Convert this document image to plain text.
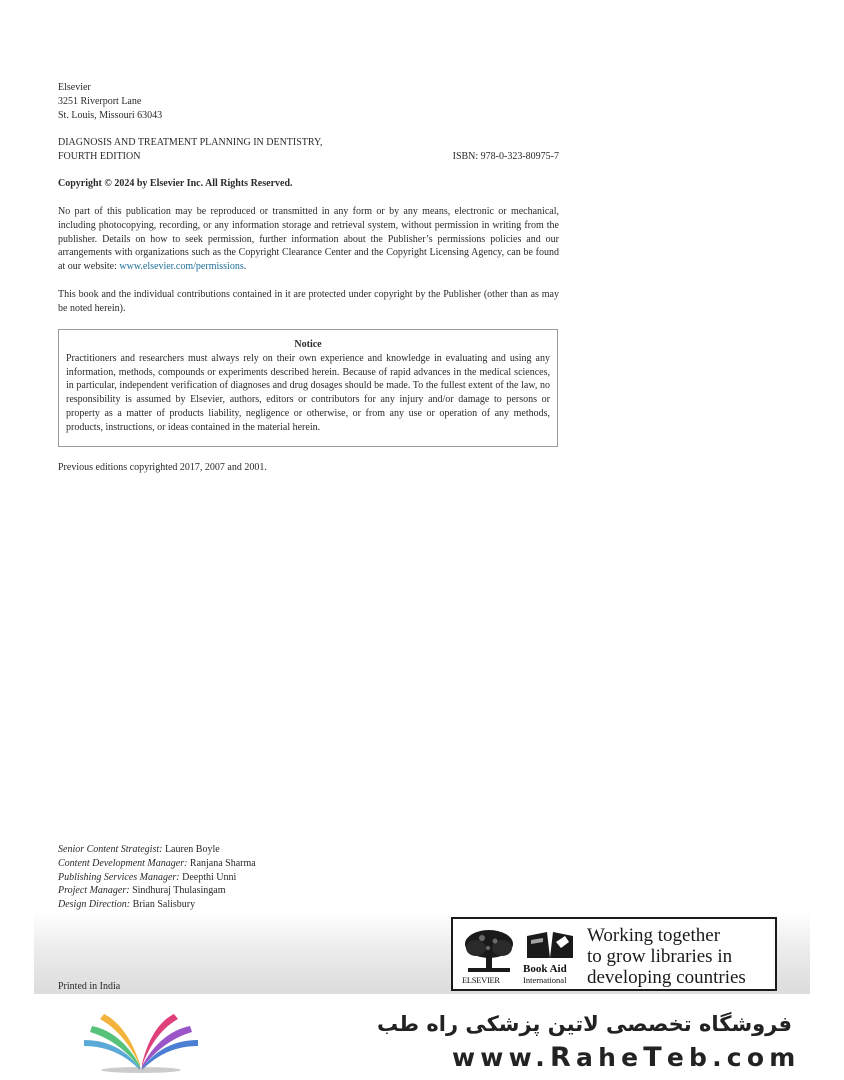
Elsevier
3251 Riverport Lane
St. Louis, Missouri 63043
DIAGNOSIS AND TREATMENT PLANNING IN DENTISTRY,
FOURTH EDITION	ISBN: 978-0-323-80975-7
Copyright © 2024 by Elsevier Inc. All Rights Reserved.
No part of this publication may be reproduced or transmitted in any form or by any means, electronic or mechanical, including photocopying, recording, or any information storage and retrieval system, without permission in writing from the publisher. Details on how to seek permission, further information about the Publisher’s permissions policies and our arrangements with organizations such as the Copyright Clearance Center and the Copyright Licensing Agency, can be found at our website: www.elsevier.com/permissions.
This book and the individual contributions contained in it are protected under copyright by the Publisher (other than as may be noted herein).
Notice
Practitioners and researchers must always rely on their own experience and knowledge in evaluating and using any information, methods, compounds or experiments described herein. Because of rapid advances in the medical sciences, in particular, independent verification of diagnoses and drug dosages should be made. To the fullest extent of the law, no responsibility is assumed by Elsevier, authors, editors or contributors for any injury and/or damage to persons or property as a matter of products liability, negligence or otherwise, or from any use or operation of any methods, products, instructions, or ideas contained in the material herein.
Previous editions copyrighted 2017, 2007 and 2001.
Senior Content Strategist: Lauren Boyle
Content Development Manager: Ranjana Sharma
Publishing Services Manager: Deepthi Unni
Project Manager: Sindhuraj Thulasingam
Design Direction: Brian Salisbury
Printed in India
ELSEVIER
Book Aid
International
Working together
to grow libraries in
developing countries
فروشگاه تخصصی لاتین پزشکی راه طب
www.RaheTeb.com
